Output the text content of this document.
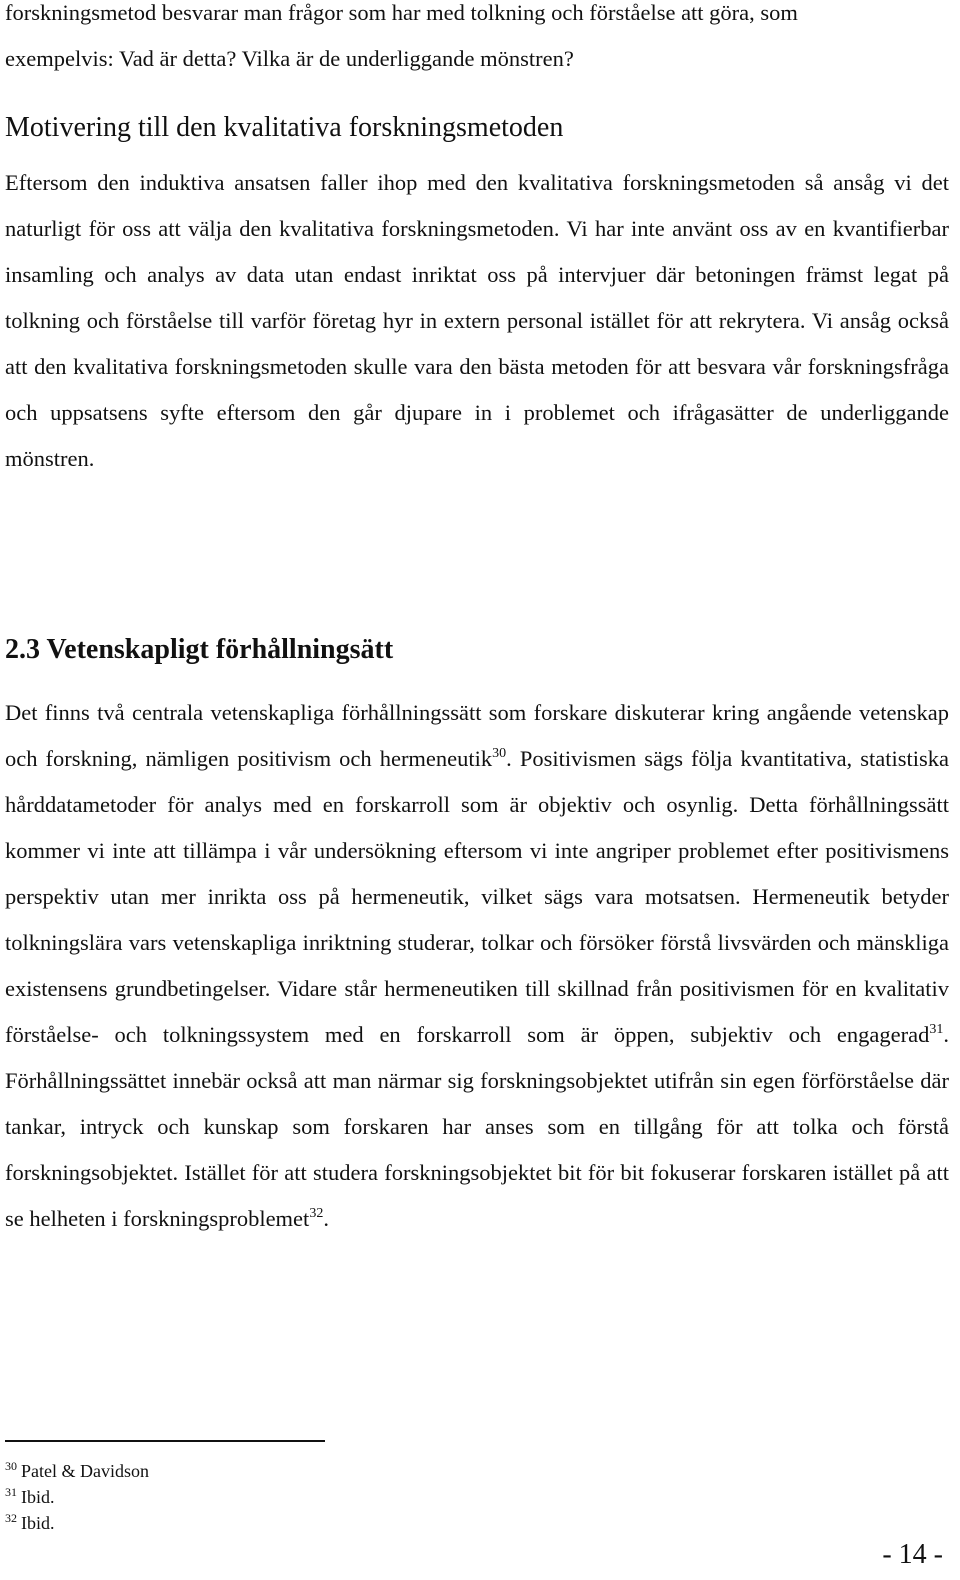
forskningsmetod besvarar man frågor som har med tolkning och förståelse att göra, som
exempelvis: Vad är detta? Vilka är de underliggande mönstren?
Motivering till den kvalitativa forskningsmetoden

Eftersom den induktiva ansatsen faller ihop med den kvalitativa forskningsmetoden så ansåg vi det naturligt för oss att välja den kvalitativa forskningsmetoden. Vi har inte använt oss av en kvantifierbar insamling och analys av data utan endast inriktat oss på intervjuer där betoningen främst legat på tolkning och förståelse till varför företag hyr in extern personal istället för att rekrytera. Vi ansåg också att den kvalitativa forskningsmetoden skulle vara den bästa metoden för att besvara vår forskningsfråga och uppsatsens syfte eftersom den går djupare in i problemet och ifrågasätter de underliggande mönstren.

2.3 Vetenskapligt förhållningsätt

Det finns två centrala vetenskapliga förhållningssätt som forskare diskuterar kring angående vetenskap och forskning, nämligen positivism och hermeneutik$^{30}$. Positivismen sägs följa kvantitativa, statistiska hårddatametoder för analys med en forskarroll som är objektiv och osynlig. Detta förhållningssätt kommer vi inte att tillämpa i vår undersökning eftersom vi inte angriper problemet efter positivismens perspektiv utan mer inrikta oss på hermeneutik, vilket sägs vara motsatsen. Hermeneutik betyder tolkningslära vars vetenskapliga inriktning studerar, tolkar och försöker förstå livsvärden och mänskliga existensens grundbetingelser. Vidare står hermeneutiken till skillnad från positivismen för en kvalitativ förståelse- och tolkningssystem med en forskarroll som är öppen, subjektiv och engagerad$^{31}$. Förhållningssättet innebär också att man närmar sig forskningsobjektet utifrån sin egen förförståelse där tankar, intryck och kunskap som forskaren har anses som en tillgång för att tolka och förstå forskningsobjektet. Istället för att studera forskningsobjektet bit för bit fokuserar forskaren istället på att se helheten i forskningsproblemet$^{32}$.

$^{30}$ Patel & Davidson
$^{31}$ Ibid.
$^{32}$ Ibid.
- 14 -
